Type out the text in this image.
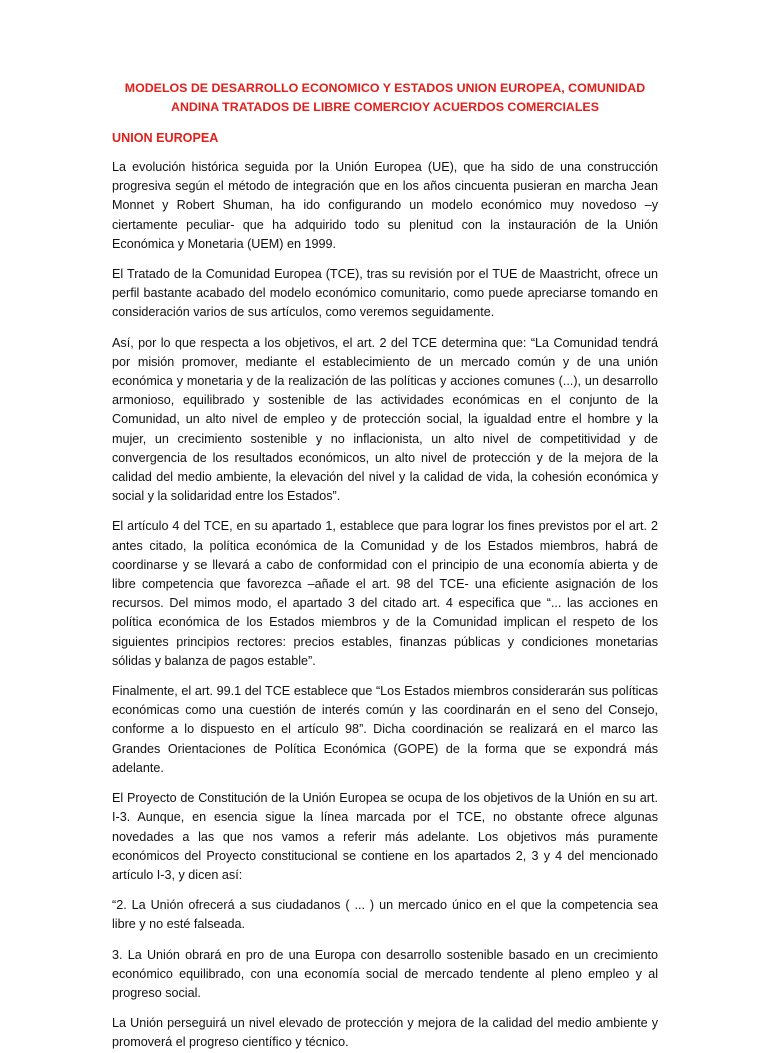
MODELOS DE DESARROLLO ECONOMICO Y ESTADOS UNION EUROPEA, COMUNIDAD ANDINA TRATADOS DE LIBRE COMERCIOY ACUERDOS COMERCIALES
UNION EUROPEA

La evolución histórica seguida por la Unión Europea (UE), que ha sido de una construcción progresiva según el método de integración que en los años cincuenta pusieran en marcha Jean Monnet y Robert Shuman, ha ido configurando un modelo económico muy novedoso –y ciertamente peculiar- que ha adquirido todo su plenitud con la instauración de la Unión Económica y Monetaria (UEM) en 1999.

El Tratado de la Comunidad Europea (TCE), tras su revisión por el TUE de Maastricht, ofrece un perfil bastante acabado del modelo económico comunitario, como puede apreciarse tomando en consideración varios de sus artículos, como veremos seguidamente.

Así, por lo que respecta a los objetivos, el art. 2 del TCE determina que: “La Comunidad tendrá por misión promover, mediante el establecimiento de un mercado común y de una unión económica y monetaria y de la realización de las políticas y acciones comunes (...), un desarrollo armonioso, equilibrado y sostenible de las actividades económicas en el conjunto de la Comunidad, un alto nivel de empleo y de protección social, la igualdad entre el hombre y la mujer, un crecimiento sostenible y no inflacionista, un alto nivel de competitividad y de convergencia de los resultados económicos, un alto nivel de protección y de la mejora de la calidad del medio ambiente, la elevación del nivel y la calidad de vida, la cohesión económica y social y la solidaridad entre los Estados”.

El artículo 4 del TCE, en su apartado 1, establece que para lograr los fines previstos por el art. 2 antes citado, la política económica de la Comunidad y de los Estados miembros, habrá de coordinarse y se llevará a cabo de conformidad con el principio de una economía abierta y de libre competencia que favorezca –añade el art. 98 del TCE- una eficiente asignación de los recursos. Del mimos modo, el apartado 3 del citado art. 4 especifica que “... las acciones en política económica de los Estados miembros y de la Comunidad implican el respeto de los siguientes principios rectores: precios estables, finanzas públicas y condiciones monetarias sólidas y balanza de pagos estable”.

Finalmente, el art. 99.1 del TCE establece que “Los Estados miembros considerarán sus políticas económicas como una cuestión de interés común y las coordinarán en el seno del Consejo, conforme a lo dispuesto en el artículo 98”. Dicha coordinación se realizará en el marco las Grandes Orientaciones de Política Económica (GOPE) de la forma que se expondrá más adelante.

El Proyecto de Constitución de la Unión Europea se ocupa de los objetivos de la Unión en su art. I-3. Aunque, en esencia sigue la línea marcada por el TCE, no obstante ofrece algunas novedades a las que nos vamos a referir más adelante. Los objetivos más puramente económicos del Proyecto constitucional se contiene en los apartados 2, 3 y 4 del mencionado artículo I-3, y dicen así:

“2. La Unión ofrecerá a sus ciudadanos ( ... ) un mercado único en el que la competencia sea libre y no esté falseada.

3. La Unión obrará en pro de una Europa con desarrollo sostenible basado en un crecimiento económico equilibrado, con una economía social de mercado tendente al pleno empleo y al progreso social.

La Unión perseguirá un nivel elevado de protección y mejora de la calidad del medio ambiente y promoverá el progreso científico y técnico.
